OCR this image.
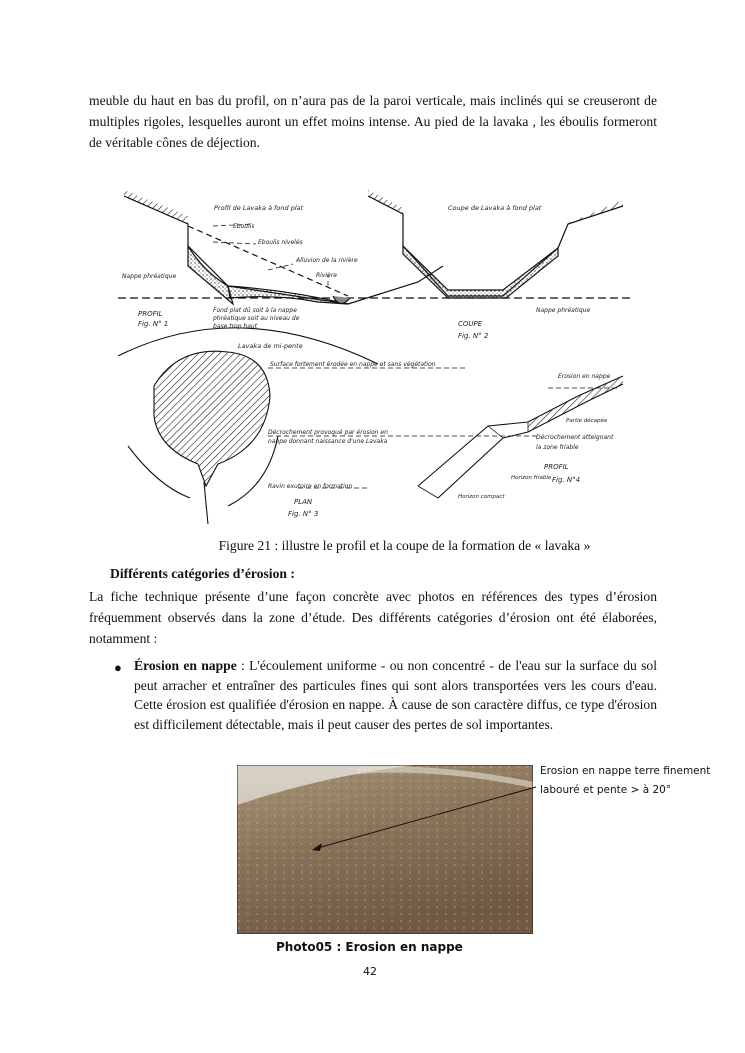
meuble du haut en bas du profil, on n’aura pas de la paroi verticale, mais inclinés qui se creuseront de multiples rigoles, lesquelles auront un effet moins intense. Au pied de la lavaka , les éboulis formeront de véritable cônes de déjection.

Profil de Lavaka à fond plat	Coupe de Lavaka à fond plat
Eboulis
Eboulis nivelés
Alluvion de la rivière
Rivière
Nappe phréatique
Fond plat dû soit à la nappe
phréatique soit au niveau de
base trop haut
PROFIL
Fig. N° 1	COUPE
Fig. N° 2
Nappe phréatique
Lavaka de mi-pente
Surface fortement érodée en nappe et sans végétation
Erosion en nappe
Partie décapée
Décrochement provoqué par érosion en
nappe donnant naissance d'une Lavaka
Décrochement atteignant
la zone friable
PROFIL
Fig. N°4
Horizon friable
Horizon compact
Ravin exutoire en formation
PLAN
Fig. N° 3
Figure 21 : illustre le profil et la coupe de la formation de « lavaka »
Différents catégories d’érosion :

La fiche technique présente d’une façon concrète avec photos en références des types d’érosion fréquemment observés dans la zone d’étude. Des différents catégories d’érosion ont été élaborées, notamment :

● Érosion en nappe : L'écoulement uniforme - ou non concentré - de l'eau sur la surface du sol peut arracher et entraîner des particules fines qui sont alors transportées vers les cours d'eau. Cette érosion est qualifiée d'érosion en nappe. À cause de son caractère diffus, ce type d'érosion est difficilement détectable, mais il peut causer des pertes de sol importantes.

Erosion en nappe terre finement
labouré et pente > à 20°
Photo05 : Erosion en nappe
42
